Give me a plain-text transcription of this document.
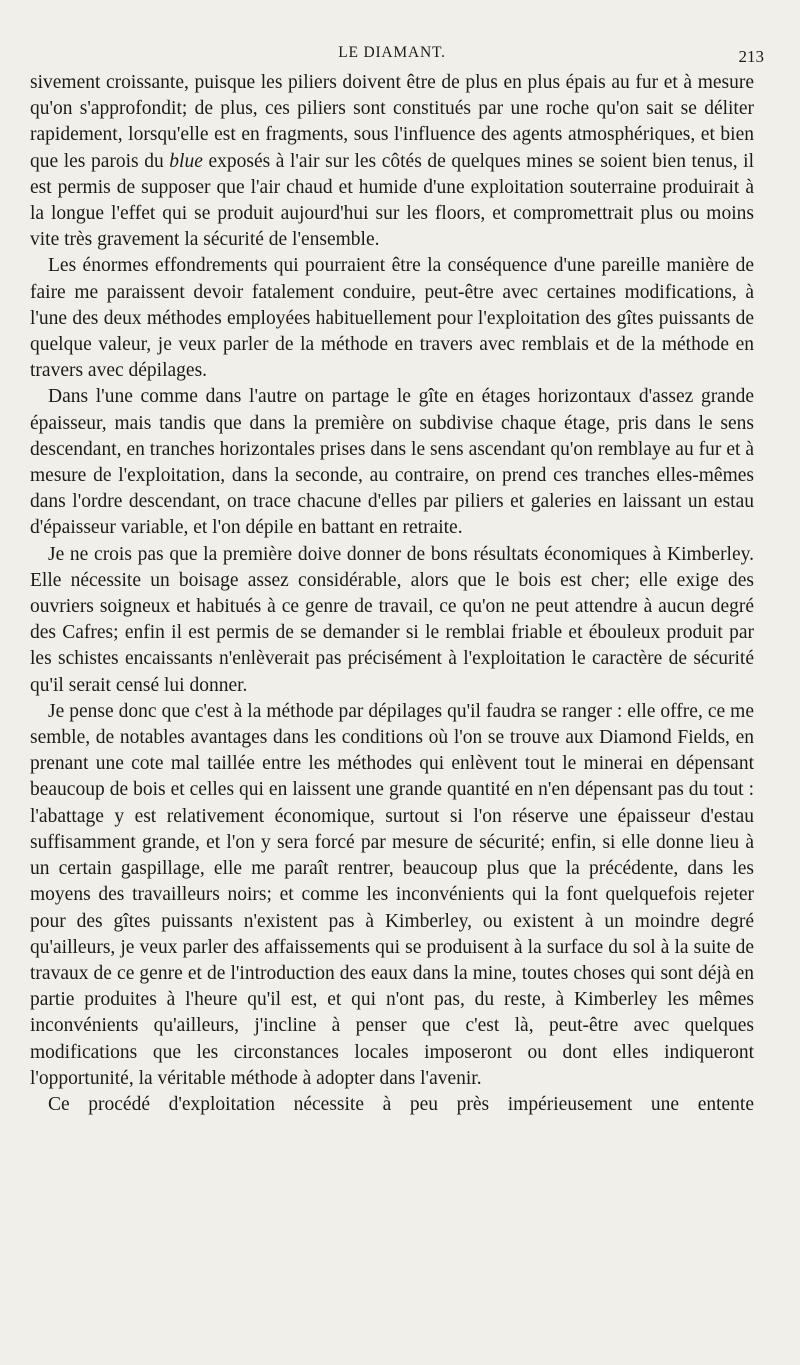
LE DIAMANT.	213

sivement croissante, puisque les piliers doivent être de plus en plus épais au fur et à mesure qu'on s'approfondit; de plus, ces piliers sont constitués par une roche qu'on sait se déliter rapidement, lorsqu'elle est en fragments, sous l'influence des agents atmosphériques, et bien que les parois du blue exposés à l'air sur les côtés de quelques mines se soient bien tenus, il est permis de supposer que l'air chaud et humide d'une exploitation souterraine produirait à la longue l'effet qui se produit aujourd'hui sur les floors, et compromettrait plus ou moins vite très gravement la sécurité de l'ensemble.

Les énormes effondrements qui pourraient être la conséquence d'une pareille manière de faire me paraissent devoir fatalement conduire, peut-être avec certaines modifications, à l'une des deux méthodes employées habituellement pour l'exploitation des gîtes puissants de quelque valeur, je veux parler de la méthode en travers avec remblais et de la méthode en travers avec dépilages.

Dans l'une comme dans l'autre on partage le gîte en étages horizontaux d'assez grande épaisseur, mais tandis que dans la première on subdivise chaque étage, pris dans le sens descendant, en tranches horizontales prises dans le sens ascendant qu'on remblaye au fur et à mesure de l'exploitation, dans la seconde, au contraire, on prend ces tranches elles-mêmes dans l'ordre descendant, on trace chacune d'elles par piliers et galeries en laissant un estau d'épaisseur variable, et l'on dépile en battant en retraite.

Je ne crois pas que la première doive donner de bons résultats économiques à Kimberley. Elle nécessite un boisage assez considérable, alors que le bois est cher; elle exige des ouvriers soigneux et habitués à ce genre de travail, ce qu'on ne peut attendre à aucun degré des Cafres; enfin il est permis de se demander si le remblai friable et ébouleux produit par les schistes encaissants n'enlèverait pas précisément à l'exploitation le caractère de sécurité qu'il serait censé lui donner.

Je pense donc que c'est à la méthode par dépilages qu'il faudra se ranger : elle offre, ce me semble, de notables avantages dans les conditions où l'on se trouve aux Diamond Fields, en prenant une cote mal taillée entre les méthodes qui enlèvent tout le minerai en dépensant beaucoup de bois et celles qui en laissent une grande quantité en n'en dépensant pas du tout : l'abattage y est relativement économique, surtout si l'on réserve une épaisseur d'estau suffisamment grande, et l'on y sera forcé par mesure de sécurité; enfin, si elle donne lieu à un certain gaspillage, elle me paraît rentrer, beaucoup plus que la précédente, dans les moyens des travailleurs noirs; et comme les inconvénients qui la font quelquefois rejeter pour des gîtes puissants n'existent pas à Kimberley, ou existent à un moindre degré qu'ailleurs, je veux parler des affaissements qui se produisent à la surface du sol à la suite de travaux de ce genre et de l'introduction des eaux dans la mine, toutes choses qui sont déjà en partie produites à l'heure qu'il est, et qui n'ont pas, du reste, à Kimberley les mêmes inconvénients qu'ailleurs, j'incline à penser que c'est là, peut-être avec quelques modifications que les circonstances locales imposeront ou dont elles indiqueront l'opportunité, la véritable méthode à adopter dans l'avenir.

Ce procédé d'exploitation nécessite à peu près impérieusement une entente
